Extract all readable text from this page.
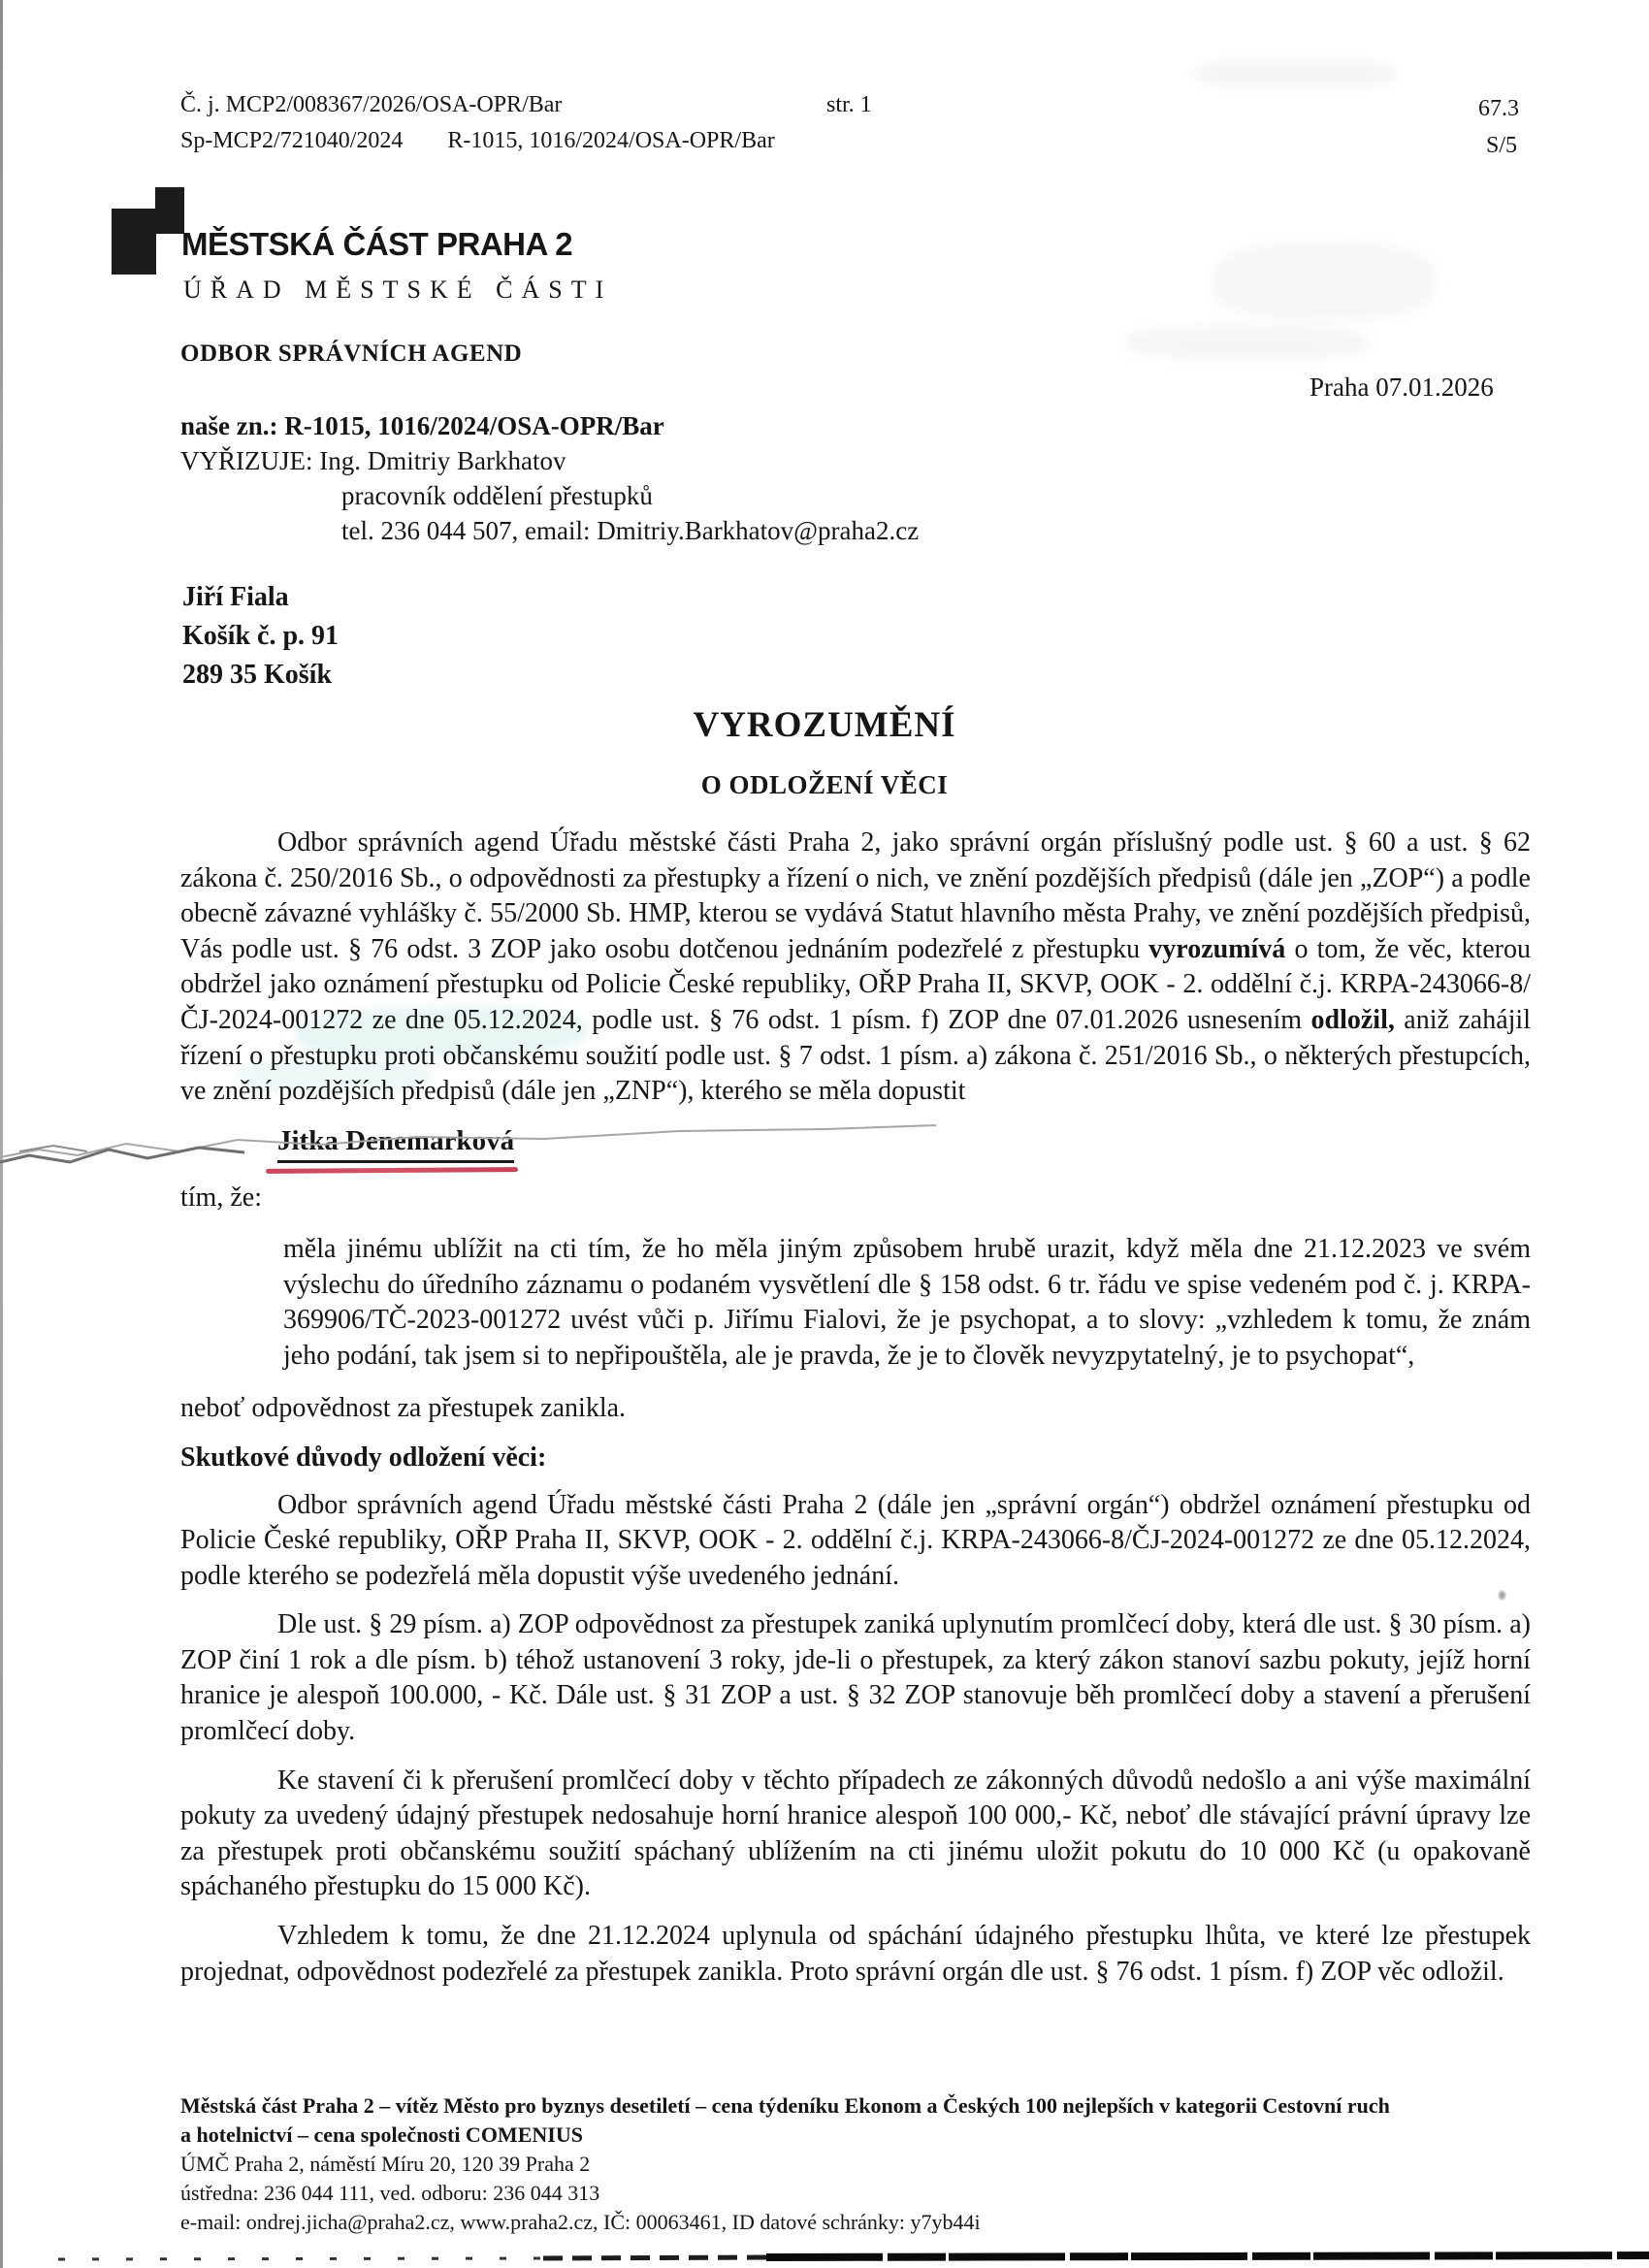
Č. j. MCP2/008367/2026/OSA-OPR/Bar	str. 1	67.3
Sp-MCP2/721040/2024 R-1015, 1016/2024/OSA-OPR/Bar	S/5
MĚSTSKÁ ČÁST PRAHA 2
ÚŘAD MĚSTSKÉ ČÁSTI
ODBOR SPRÁVNÍCH AGEND
Praha 07.01.2026
naše zn.: R-1015, 1016/2024/OSA-OPR/Bar
VYŘIZUJE: Ing. Dmitriy Barkhatov
pracovník oddělení přestupků
tel. 236 044 507, email: Dmitriy.Barkhatov@praha2.cz
Jiří Fiala
Košík č. p. 91
289 35 Košík
VYROZUMĚNÍ
O ODLOŽENÍ VĚCI

Odbor správních agend Úřadu městské části Praha 2, jako správní orgán příslušný podle ust. § 60 a ust. § 62 zákona č. 250/2016 Sb., o odpovědnosti za přestupky a řízení o nich, ve znění pozdějších předpisů (dále jen „ZOP“) a podle obecně závazné vyhlášky č. 55/2000 Sb. HMP, kterou se vydává Statut hlavního města Prahy, ve znění pozdějších předpisů, Vás podle ust. § 76 odst. 3 ZOP jako osobu dotčenou jednáním podezřelé z přestupku vyrozumívá o tom, že věc, kterou obdržel jako oznámení přestupku od Policie České republiky, OŘP Praha II, SKVP, OOK - 2. oddělní č.j. KRPA-243066-8/ČJ-2024-001272 ze dne 05.12.2024, podle ust. § 76 odst. 1 písm. f) ZOP dne 07.01.2026 usnesením odložil, aniž zahájil řízení o přestupku proti občanskému soužití podle ust. § 7 odst. 1 písm. a) zákona č. 251/2016 Sb., o některých přestupcích, ve znění pozdějších předpisů (dále jen „ZNP“), kterého se měla dopustit

Jitka Denemarková
tím, že:

měla jinému ublížit na cti tím, že ho měla jiným způsobem hrubě urazit, když měla dne 21.12.2023 ve svém výslechu do úředního záznamu o podaném vysvětlení dle § 158 odst. 6 tr. řádu ve spise vedeném pod č. j. KRPA-369906/TČ-2023-001272 uvést vůči p. Jiřímu Fialovi, že je psychopat, a to slovy: „vzhledem k tomu, že znám jeho podání, tak jsem si to nepřipouštěla, ale je pravda, že je to člověk nevyzpytatelný, je to psychopat“,

neboť odpovědnost za přestupek zanikla.
Skutkové důvody odložení věci:

Odbor správních agend Úřadu městské části Praha 2 (dále jen „správní orgán“) obdržel oznámení přestupku od Policie České republiky, OŘP Praha II, SKVP, OOK - 2. oddělní č.j. KRPA-243066-8/ČJ-2024-001272 ze dne 05.12.2024, podle kterého se podezřelá měla dopustit výše uvedeného jednání.

Dle ust. § 29 písm. a) ZOP odpovědnost za přestupek zaniká uplynutím promlčecí doby, která dle ust. § 30 písm. a) ZOP činí 1 rok a dle písm. b) téhož ustanovení 3 roky, jde-li o přestupek, za který zákon stanoví sazbu pokuty, jejíž horní hranice je alespoň 100.000, - Kč. Dále ust. § 31 ZOP a ust. § 32 ZOP stanovuje běh promlčecí doby a stavení a přerušení promlčecí doby.

Ke stavení či k přerušení promlčecí doby v těchto případech ze zákonných důvodů nedošlo a ani výše maximální pokuty za uvedený údajný přestupek nedosahuje horní hranice alespoň 100 000,- Kč, neboť dle stávající právní úpravy lze za přestupek proti občanskému soužití spáchaný ublížením na cti jinému uložit pokutu do 10 000 Kč (u opakovaně spáchaného přestupku do 15 000 Kč).

Vzhledem k tomu, že dne 21.12.2024 uplynula od spáchání údajného přestupku lhůta, ve které lze přestupek projednat, odpovědnost podezřelé za přestupek zanikla. Proto správní orgán dle ust. § 76 odst. 1 písm. f) ZOP věc odložil.

Městská část Praha 2 – vítěz Město pro byznys desetiletí – cena týdeníku Ekonom a Českých 100 nejlepších v kategorii Cestovní ruch
a hotelnictví – cena společnosti COMENIUS
ÚMČ Praha 2, náměstí Míru 20, 120 39 Praha 2
ústředna: 236 044 111, ved. odboru: 236 044 313
e-mail: ondrej.jicha@praha2.cz, www.praha2.cz, IČ: 00063461, ID datové schránky: y7yb44i
